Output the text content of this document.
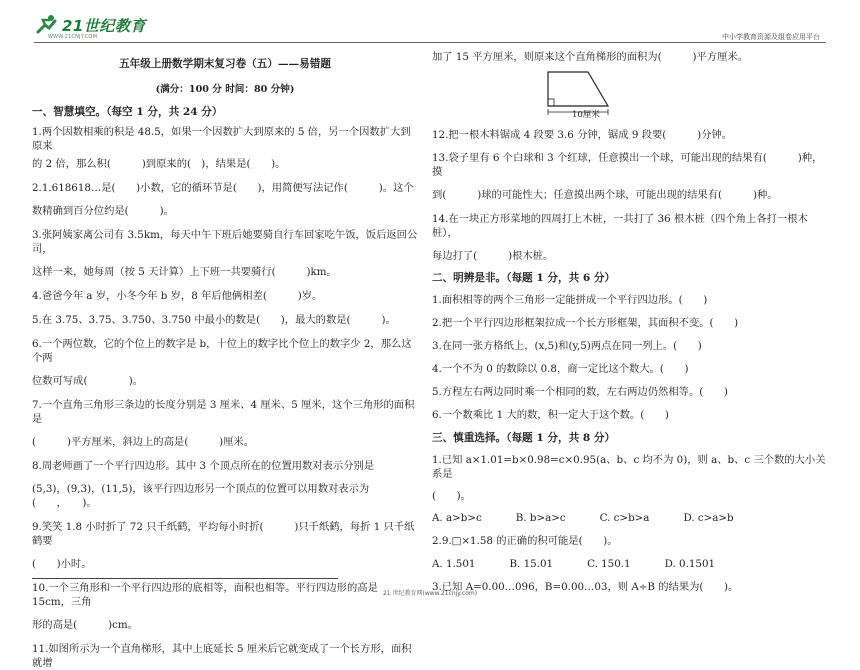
21世纪教育
WWW.21CNJY.COM	中小学教育资源及组卷应用平台
五年级上册数学期末复习卷（五）——易错题
(满分：100 分 时间：80 分钟)
一、智慧填空。（每空 1 分，共 24 分）

1.两个因数相乘的积是 48.5，如果一个因数扩大到原来的 5 倍，另一个因数扩大到原来

的 2 倍，那么积(　　　)到原来的(　)，结果是(　　)。

2.1.618618…是(　　)小数，它的循环节是(　　)，用简便写法记作(　　　)。这个

数精确到百分位约是(　　　)。

3.张阿姨家离公司有 3.5km，每天中午下班后她要骑自行车回家吃午饭，饭后返回公司，

这样一来，她每周（按 5 天计算）上下班一共要骑行(　　　)km。

4.爸爸今年 a 岁，小冬今年 b 岁，8 年后他俩相差(　　　)岁。

5.在 3.75、3.75、3.750、3.750 中最小的数是(　　)，最大的数是(　　　)。

6.一个两位数，它的个位上的数字是 b，十位上的数字比个位上的数字少 2，那么这个两

位数可写成(　　　　)。

7.一个直角三角形三条边的长度分别是 3 厘米、4 厘米、5 厘米，这个三角形的面积是

(　　　)平方厘米，斜边上的高是(　　　)厘米。

8.周老师画了一个平行四边形。其中 3 个顶点所在的位置用数对表示分别是

(5,3)，(9,3)，(11,5)，该平行四边形另一个顶点的位置可以用数对表示为(　　，　　)。

9.笑笑 1.8 小时折了 72 只千纸鹤，平均每小时折(　　　)只千纸鹤，每折 1 只千纸鹤要

(　　)小时。

10.一个三角形和一个平行四边形的底相等，面积也相等。平行四边形的高是 15cm，三角

形的高是(　　　)cm。

11.如图所示为一个直角梯形，其中上底延长 5 厘米后它就变成了一个长方形，面积就增

加了 15 平方厘米，则原来这个直角梯形的面积为(　　　)平方厘米。

10厘米

12.把一根木料锯成 4 段要 3.6 分钟，锯成 9 段要(　　　)分钟。

13.袋子里有 6 个白球和 3 个红球，任意摸出一个球，可能出现的结果有(　　　)种，摸

到(　　　)球的可能性大；任意摸出两个球，可能出现的结果有(　　　)种。

14.在一块正方形菜地的四周打上木桩，一共打了 36 根木桩（四个角上各打一根木桩），

每边打了(　　　)根木桩。

二、明辨是非。（每题 1 分，共 6 分）

1.面积相等的两个三角形一定能拼成一个平行四边形。(　　)

2.把一个平行四边形框架拉成一个长方形框架，其面积不变。(　　)

3.在同一张方格纸上，(x,5)和(y,5)两点在同一列上。(　　)

4.一个不为 0 的数除以 0.8，商一定比这个数大。(　　)

5.方程左右两边同时乘一个相同的数，左右两边仍然相等。(　　)

6.一个数乘比 1 大的数，积一定大于这个数。(　　)

三、慎重选择。（每题 1 分，共 8 分）

1.已知 a×1.01=b×0.98=c×0.95(a、b、c 均不为 0)，则 a、b、c 三个数的大小关系是

(　　)。

A. a>b>c	B. b>a>c	C. c>b>a	D. c>a>b

2.9.□×1.58 的正确的积可能是(　　)。

A. 1.501	B. 15.01	C. 150.1	D. 0.1501

3.已知 A=0.00…096，B=0.00…03，则 A÷B 的结果为(　　)。

21 世纪教育网(www.21cnjy.com)
